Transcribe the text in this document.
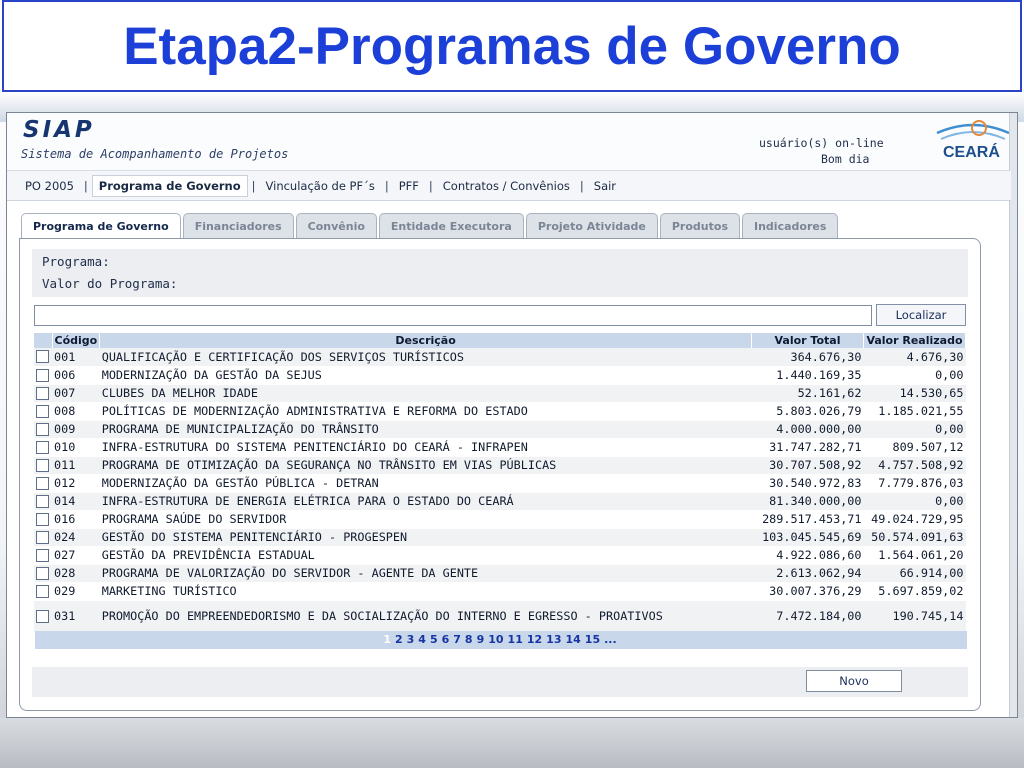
Etapa2-Programas de Governo
SIAP
Sistema de Acompanhamento de Projetos
usuário(s) on-line
Bom dia	CEARÁ
PO 2005 | Programa de Governo | Vinculação de PF´s | PFF | Contratos / Convênios | Sair
Programa de Governo	Financiadores	Convênio	Entidade Executora	Projeto Atividade	Produtos	Indicadores
Programa:
Valor do Programa:
Localizar
	Código	Descrição	Valor Total	Valor Realizado

	001	QUALIFICAÇÃO E CERTIFICAÇÃO DOS SERVIÇOS TURÍSTICOS	364.676,30	4.676,30

	006	MODERNIZAÇÃO DA GESTÃO DA SEJUS	1.440.169,35	0,00

	007	CLUBES DA MELHOR IDADE	52.161,62	14.530,65

	008	POLÍTICAS DE MODERNIZAÇÃO ADMINISTRATIVA E REFORMA DO ESTADO	5.803.026,79	1.185.021,55

	009	PROGRAMA DE MUNICIPALIZAÇÃO DO TRÂNSITO	4.000.000,00	0,00

	010	INFRA-ESTRUTURA DO SISTEMA PENITENCIÁRIO DO CEARÁ - INFRAPEN	31.747.282,71	809.507,12

	011	PROGRAMA DE OTIMIZAÇÃO DA SEGURANÇA NO TRÂNSITO EM VIAS PÚBLICAS	30.707.508,92	4.757.508,92

	012	MODERNIZAÇÃO DA GESTÃO PÚBLICA - DETRAN	30.540.972,83	7.779.876,03

	014	INFRA-ESTRUTURA DE ENERGIA ELÉTRICA PARA O ESTADO DO CEARÁ	81.340.000,00	0,00

	016	PROGRAMA SAÚDE DO SERVIDOR	289.517.453,71	49.024.729,95

	024	GESTÃO DO SISTEMA PENITENCIÁRIO - PROGESPEN	103.045.545,69	50.574.091,63

	027	GESTÃO DA PREVIDÊNCIA ESTADUAL	4.922.086,60	1.564.061,20

	028	PROGRAMA DE VALORIZAÇÃO DO SERVIDOR - AGENTE DA GENTE	2.613.062,94	66.914,00

	029	MARKETING TURÍSTICO	30.007.376,29	5.697.859,02

	031	PROMOÇÃO DO EMPREENDEDORISMO E DA SOCIALIZAÇÃO DO INTERNO E EGRESSO - PROATIVOS	7.472.184,00	190.745,14
Novo
1 2 3 4 5 6 7 8 9 10 11 12 13 14 15 ...
